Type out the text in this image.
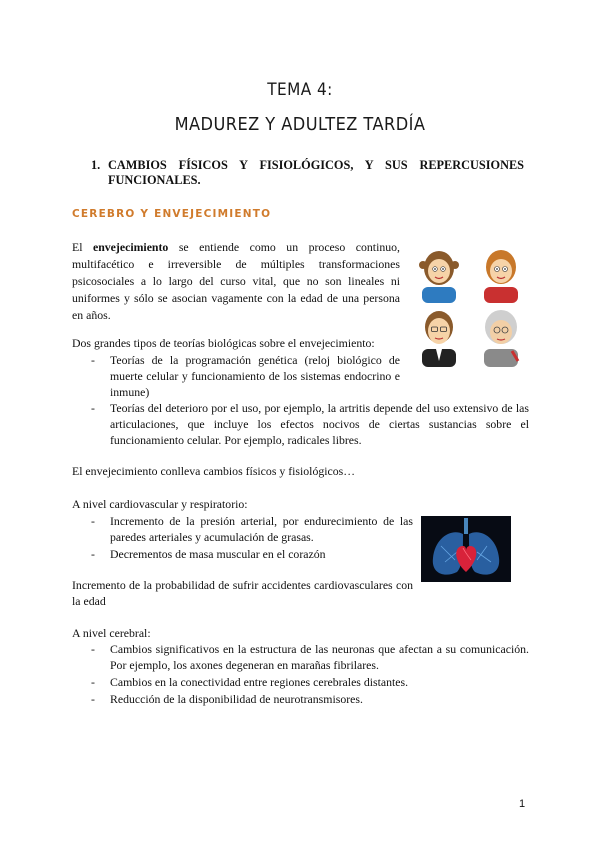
TEMA 4:
MADUREZ Y ADULTEZ TARDÍA
1. CAMBIOS FÍSICOS Y FISIOLÓGICOS, Y SUS REPERCUSIONES FUNCIONALES.
CEREBRO Y ENVEJECIMIENTO
El envejecimiento se entiende como un proceso continuo, multifacético e irreversible de múltiples transformaciones psicosociales a lo largo del curso vital, que no son lineales ni uniformes y sólo se asocian vagamente con la edad de una persona en años.
Dos grandes tipos de teorías biológicas sobre el envejecimiento:
- Teorías de la programación genética (reloj biológico de muerte celular y funcionamiento de los sistemas endocrino e inmune)
- Teorías del deterioro por el uso, por ejemplo, la artritis depende del uso extensivo de las articulaciones, que incluye los efectos nocivos de ciertas sustancias sobre el funcionamiento celular. Por ejemplo, radicales libres.
El envejecimiento conlleva cambios físicos y fisiológicos…
A nivel cardiovascular y respiratorio:
- Incremento de la presión arterial, por endurecimiento de las paredes arteriales y acumulación de grasas.
- Decrementos de masa muscular en el corazón
Incremento de la probabilidad de sufrir accidentes cardiovasculares con la edad
A nivel cerebral:
- Cambios significativos en la estructura de las neuronas que afectan a su comunicación. Por ejemplo, los axones degeneran en marañas fibrilares.
- Cambios en la conectividad entre regiones cerebrales distantes.
- Reducción de la disponibilidad de neurotransmisores.
1
